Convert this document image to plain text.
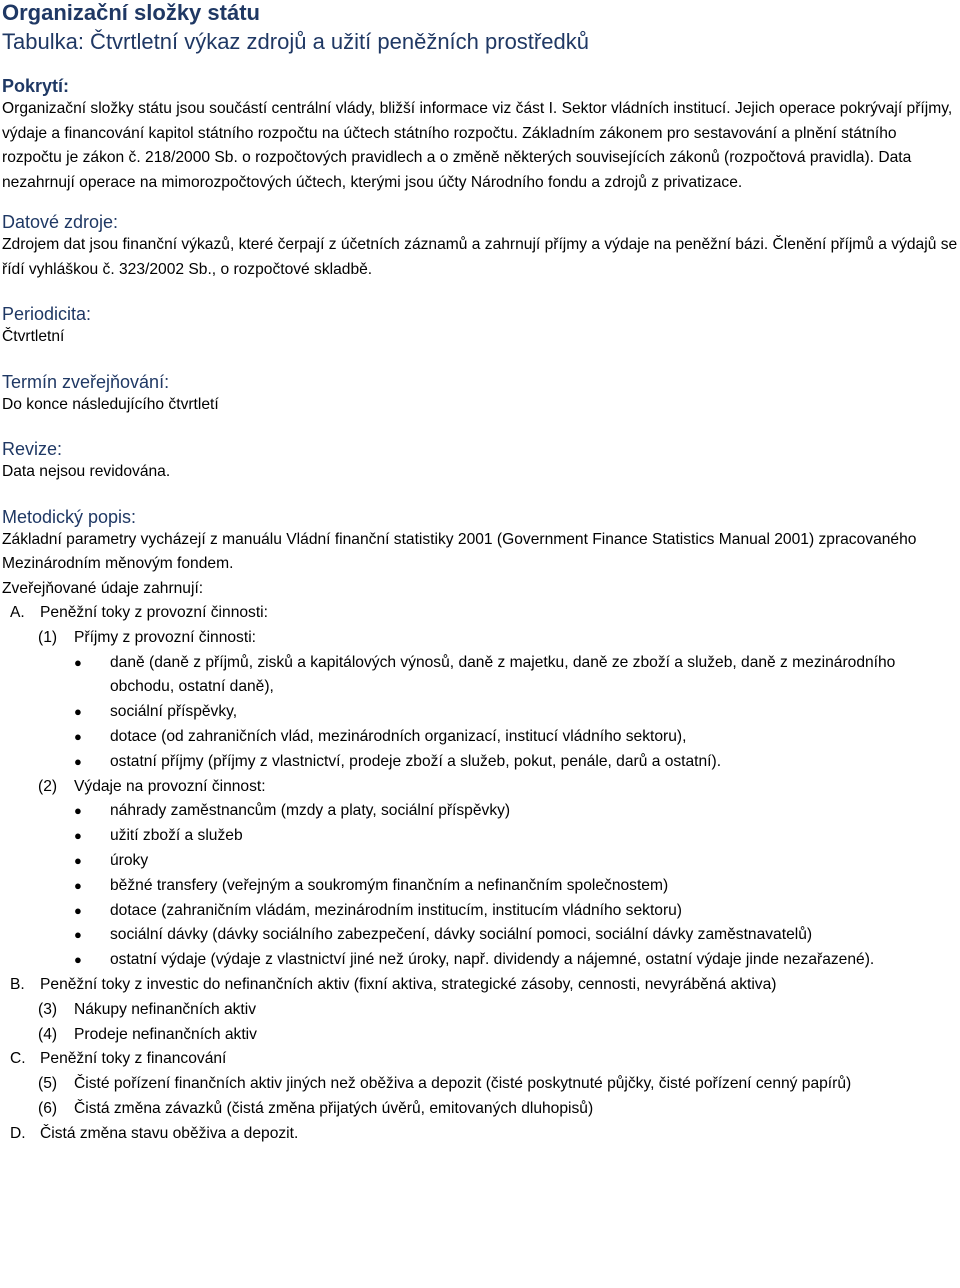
Organizační složky státu
Tabulka: Čtvrtletní výkaz zdrojů a užití peněžních prostředků
Pokrytí:

Organizační složky státu jsou součástí centrální vlády, bližší informace viz část I. Sektor vládních institucí. Jejich operace pokrývají příjmy, výdaje a financování kapitol státního rozpočtu na účtech státního rozpočtu. Základním zákonem pro sestavování a plnění státního rozpočtu je zákon č. 218/2000 Sb. o rozpočtových pravidlech a o změně některých souvisejících zákonů (rozpočtová pravidla). Data nezahrnují operace na mimorozpočtových účtech, kterými jsou účty Národního fondu a zdrojů z privatizace.

Datové zdroje:

Zdrojem dat jsou finanční výkazů, které čerpají z účetních záznamů a zahrnují příjmy a výdaje na peněžní bázi. Členění příjmů a výdajů se řídí vyhláškou č. 323/2002 Sb., o rozpočtové skladbě.

Periodicita:

Čtvrtletní

Termín zveřejňování:

Do konce následujícího čtvrtletí

Revize:

Data nejsou revidována.

Metodický popis:

Základní parametry vycházejí z manuálu Vládní finanční statistiky 2001 (Government Finance Statistics Manual 2001) zpracovaného Mezinárodním měnovým fondem.

Zveřejňované údaje zahrnují:

A. Peněžní toky z provozní činnosti:
(1)	Příjmy z provozní činnosti:
●	daně (daně z příjmů, zisků a kapitálových výnosů, daně z majetku, daně ze zboží a služeb, daně z mezinárodního obchodu, ostatní daně),
●	sociální příspěvky,
●	dotace (od zahraničních vlád, mezinárodních organizací, institucí vládního sektoru),
●	ostatní příjmy (příjmy z vlastnictví, prodeje zboží a služeb, pokut, penále, darů a ostatní).
(2)	Výdaje na provozní činnost:
●	náhrady zaměstnancům (mzdy a platy, sociální příspěvky)
●	užití zboží a služeb
●	úroky
●	běžné transfery (veřejným a soukromým finančním a nefinančním společnostem)
●	dotace (zahraničním vládám, mezinárodním institucím, institucím vládního sektoru)
●	sociální dávky (dávky sociálního zabezpečení, dávky sociální pomoci, sociální dávky zaměstnavatelů)
●	ostatní výdaje (výdaje z vlastnictví jiné než úroky, např. dividendy a nájemné, ostatní výdaje jinde nezařazené).
B. Peněžní toky z investic do nefinančních aktiv (fixní aktiva, strategické zásoby, cennosti, nevyráběná aktiva)
(3)	Nákupy nefinančních aktiv
(4)	Prodeje nefinančních aktiv
C. Peněžní toky z financování
(5)	Čisté pořízení finančních aktiv jiných než oběživa a depozit (čisté poskytnuté půjčky, čisté pořízení cenný papírů)
(6)	Čistá změna závazků (čistá změna přijatých úvěrů, emitovaných dluhopisů)
D. Čistá změna stavu oběživa a depozit.
